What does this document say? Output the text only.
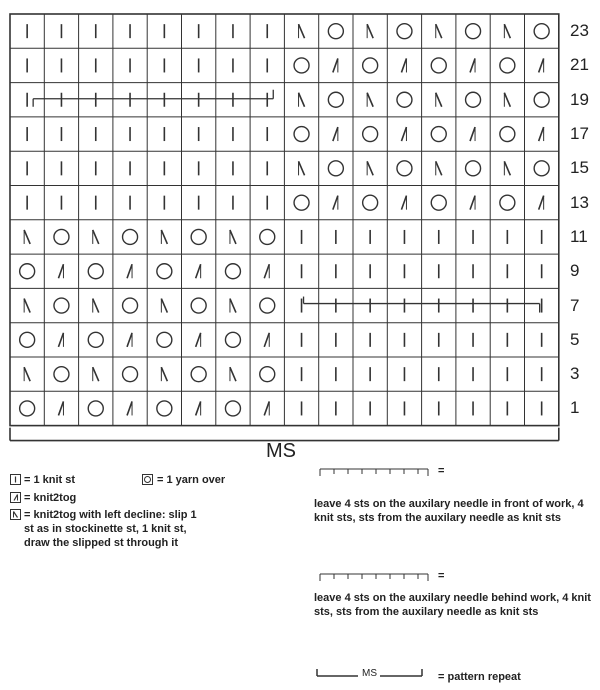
23
21
19
17
15
13
11
9
7
5
3
1
MS
= 1 knit st	= 1 yarn over
= knit2tog
= knit2tog with left decline: slip 1
st as in stockinette st, 1 knit st,
draw the slipped st through it
=
leave 4 sts on the auxilary needle in front of work, 4
knit sts, sts from the auxilary needle as knit sts
=
leave 4 sts on the auxilary needle behind work, 4 knit
sts, sts from the auxilary needle as knit sts
MS	= pattern repeat
